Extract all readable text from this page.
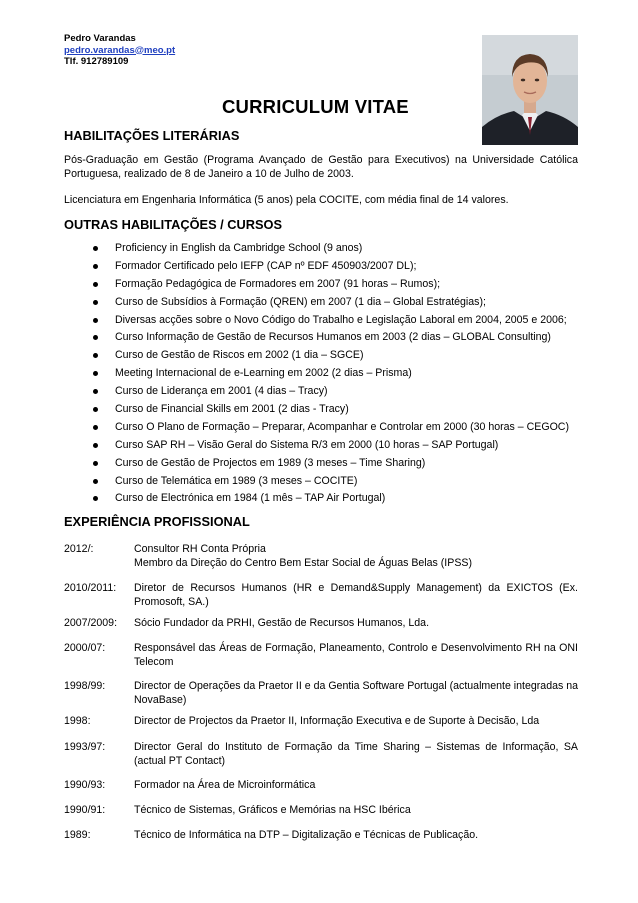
Pedro Varandas
pedro.varandas@meo.pt
Tlf. 912789109
CURRICULUM VITAE
HABILITAÇÕES LITERÁRIAS
Pós-Graduação em Gestão (Programa Avançado de Gestão para Executivos) na Universidade Católica Portuguesa, realizado de 8 de Janeiro a 10 de Julho de 2003.
Licenciatura em Engenharia Informática (5 anos) pela COCITE, com média final de 14 valores.
OUTRAS HABILITAÇÕES / CURSOS
Proficiency in English da Cambridge School (9 anos)
Formador Certificado pelo IEFP (CAP nº EDF 450903/2007 DL);
Formação Pedagógica de Formadores em 2007 (91 horas – Rumos);
Curso de Subsídios à Formação (QREN) em 2007 (1 dia – Global Estratégias);
Diversas acções sobre o Novo Código do Trabalho e Legislação Laboral em 2004, 2005 e 2006;
Curso Informação de Gestão de Recursos Humanos em 2003 (2 dias – GLOBAL Consulting)
Curso de Gestão de Riscos em 2002 (1 dia – SGCE)
Meeting Internacional de e-Learning em 2002 (2 dias – Prisma)
Curso de Liderança em 2001 (4 dias – Tracy)
Curso de Financial Skills em 2001 (2 dias - Tracy)
Curso O Plano de Formação – Preparar, Acompanhar e Controlar em 2000 (30 horas – CEGOC)
Curso SAP RH – Visão Geral do Sistema R/3 em 2000 (10 horas – SAP Portugal)
Curso de Gestão de Projectos em 1989 (3 meses – Time Sharing)
Curso de Telemática em 1989 (3 meses – COCITE)
Curso de Electrónica em 1984 (1 mês – TAP Air Portugal)
EXPERIÊNCIA PROFISSIONAL
2012/:	Consultor RH Conta Própria
Membro da Direção do Centro Bem Estar Social de Águas Belas (IPSS)
2010/2011:	Diretor de Recursos Humanos (HR e Demand&Supply Management) da EXICTOS (Ex. Promosoft, SA.)
2007/2009:	Sócio Fundador da PRHI, Gestão de Recursos Humanos, Lda.
2000/07:	Responsável das Áreas de Formação, Planeamento, Controlo e Desenvolvimento RH na ONI Telecom
1998/99:	Director de Operações da Praetor II e da Gentia Software Portugal (actualmente integradas na NovaBase)
1998:	Director de Projectos da Praetor II, Informação Executiva e de Suporte à Decisão, Lda
1993/97:	Director Geral do Instituto de Formação da Time Sharing – Sistemas de Informação, SA (actual PT Contact)
1990/93:	Formador na Área de Microinformática
1990/91:	Técnico de Sistemas, Gráficos e Memórias na HSC Ibérica
1989:	Técnico de Informática na DTP – Digitalização e Técnicas de Publicação.
